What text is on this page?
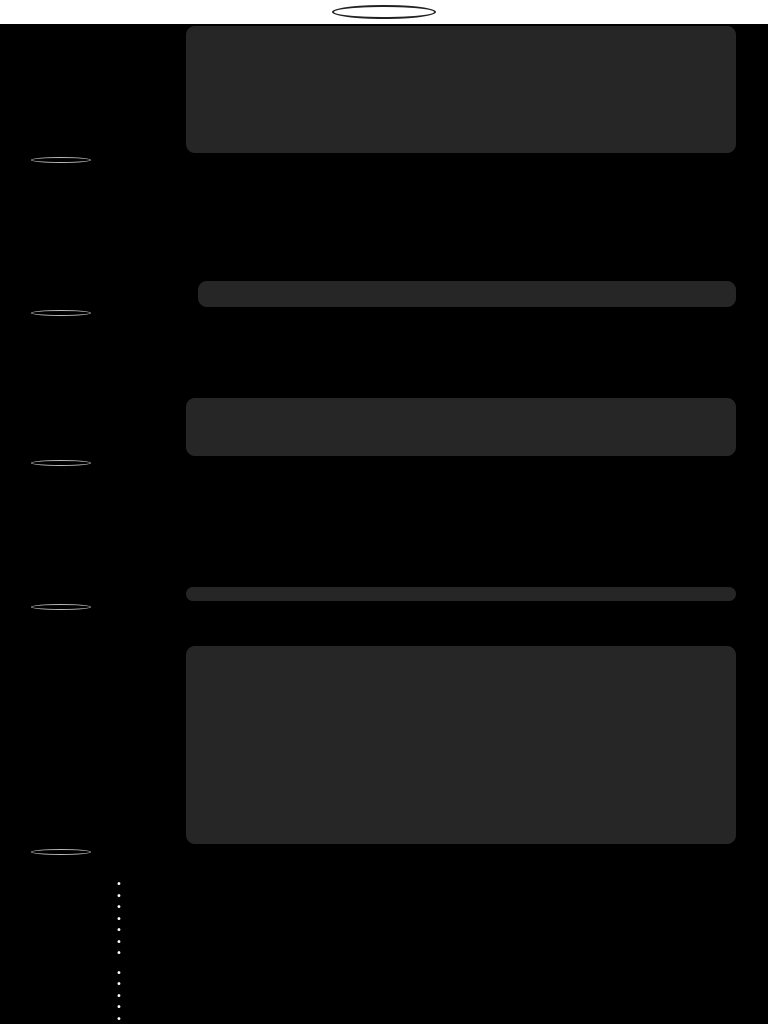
•
•
•
•
•
•
•
•
•
•
•
•
